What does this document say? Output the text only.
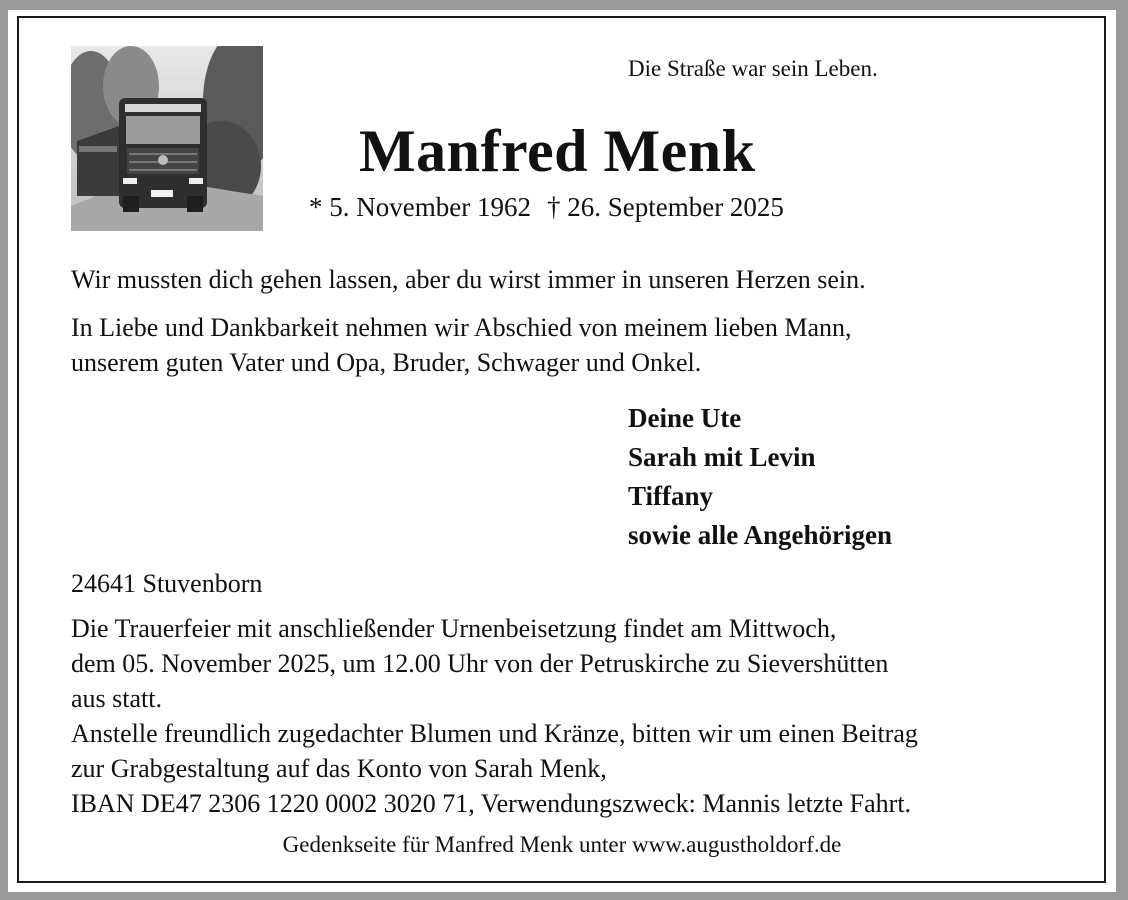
Die Straße war sein Leben.
Manfred Menk
* 5. November 1962 † 26. September 2025
Wir mussten dich gehen lassen, aber du wirst immer in unseren Herzen sein.
In Liebe und Dankbarkeit nehmen wir Abschied von meinem lieben Mann,
unserem guten Vater und Opa, Bruder, Schwager und Onkel.
Deine Ute
Sarah mit Levin
Tiffany
sowie alle Angehörigen
24641 Stuvenborn
Die Trauerfeier mit anschließender Urnenbeisetzung findet am Mittwoch,
dem 05. November 2025, um 12.00 Uhr von der Petruskirche zu Sievershütten
aus statt.
Anstelle freundlich zugedachter Blumen und Kränze, bitten wir um einen Beitrag
zur Grabgestaltung auf das Konto von Sarah Menk,
IBAN DE47 2306 1220 0002 3020 71, Verwendungszweck: Mannis letzte Fahrt.
Gedenkseite für Manfred Menk unter www.augustholdorf.de
